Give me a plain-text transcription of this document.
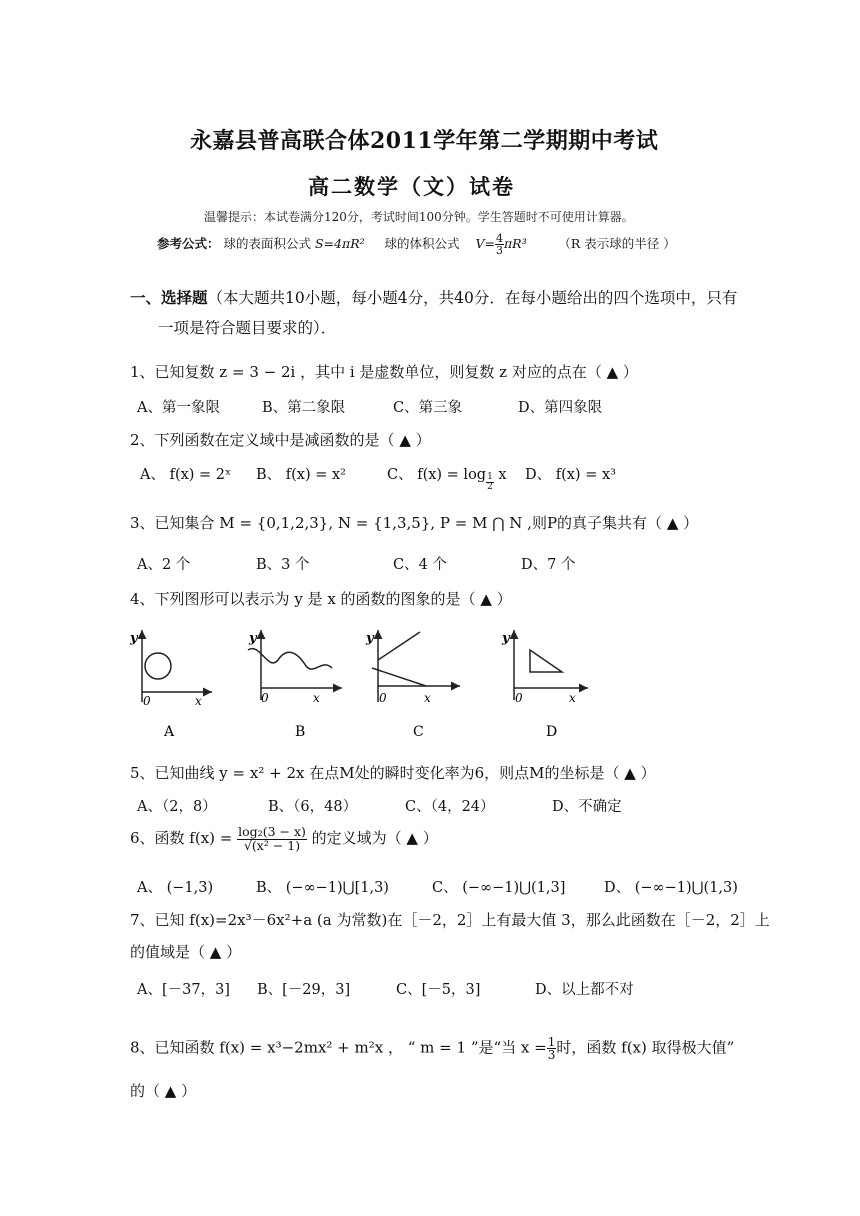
永嘉县普高联合体2011学年第二学期期中考试
高二数学（文）试卷
温馨提示：本试卷满分120分，考试时间100分钟。学生答题时不可使用计算器。
参考公式： 球的表面积公式 S=4πR² 球的体积公式 $V= \frac{4}{3} \pi R^3$	（R 表示球的半径 ）
一、选择题（本大题共10小题，每小题4分，共40分．在每小题给出的四个选项中，只有
一项是符合题目要求的）．
1、已知复数 z = 3 − 2i ，其中 i 是虚数单位，则复数 z 对应的点在（ ▲ ）
A、第一象限	B、第二象限	C、第三象	D、第四象限
2、下列函数在定义域中是减函数的是（ ▲ ）
A、 f(x) = 2ˣ B、 f(x) = x²	C、 $f(x) = \log \frac{1}{2}$ x D、 f(x) = x³
3、已知集合 M = {0,1,2,3}, N = {1,3,5}, P = M ⋂ N ,则P的真子集共有（ ▲ ）
A、2 个	B、3 个	C、4 个	D、7 个
4、下列图形可以表示为 y 是 x 的函数的图象的是（ ▲ ）
y
0	x
A
y
0	x
B
y
0	x
C
y
0	x
D
5、已知曲线 y = x² + 2x 在点M处的瞬时变化率为6，则点M的坐标是（ ▲ ）
A、（2，8）	B、（6，48）	C、（4，24）	D、不确定
6、函数 $f(x) = \frac{\text{log₂(3 − x)}}{\text{√(x² − 1)}}$ 的定义域为（ ▲ ）
A、 (−1,3)	B、 (−∞−1)⋃[1,3)	C、 (−∞−1)⋃(1,3]	D、 (−∞−1)⋃(1,3)
7、已知 f(x)=2x³－6x²+a (a 为常数)在［－2，2］上有最大值 3，那么此函数在［－2，2］上
的值域是（ ▲ ）
A、[－37，3] B、[－29，3]	C、[－5，3]	D、以上都不对
8、已知函数 f(x) = x³−2mx² + m²x ， “ m = 1 ”是“当 $x = \frac{1}{3}$ 时，函数 f(x) 取得极大值”
的（ ▲ ）
